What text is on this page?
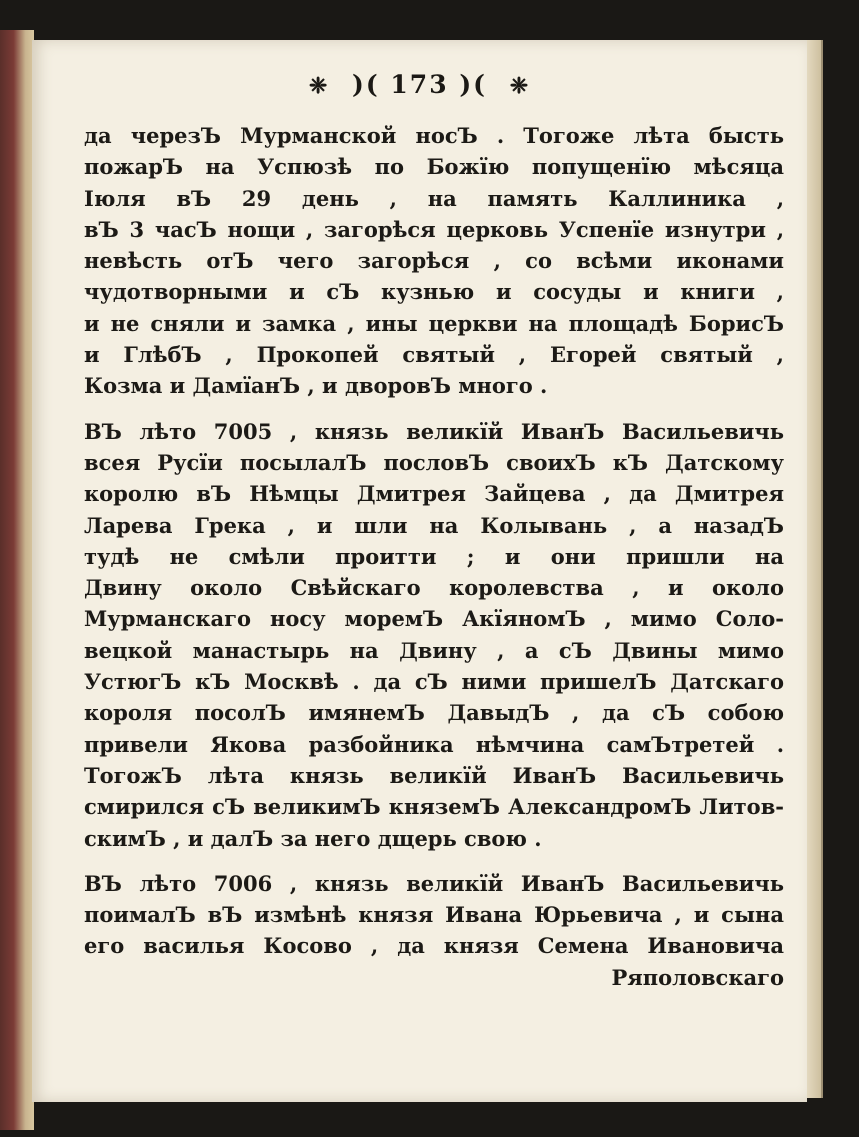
❈ )( 173 )( ❈
да черезЪ Мурманской носЪ . Тогоже лѣта бысть
пожарЪ на Успюзѣ по Божїю попущенїю мѣсяца
Iюля вЪ 29 день , на память Каллиника ,
вЪ 3 часЪ нощи , загорѣся церковь Успенїе изнутри ,
невѣсть отЪ чего загорѣся , со всѣми иконами
чудотворными и сЪ кузнью и сосуды и книги ,
и не сняли и замка , ины церкви на площадѣ БорисЪ
и ГлѣбЪ , Прокопей святый , Егорей святый ,
Козма и ДамїанЪ , и дворовЪ много .
ВЪ лѣто 7005 , князь великїй ИванЪ Васильевичь
всея Русїи посылалЪ пословЪ своихЪ кЪ Датскому
королю вЪ Нѣмцы Дмитрея Зайцева , да Дмитрея
Ларева Грека , и шли на Колывань , а назадЪ
тудѣ не смѣли проитти ; и они пришли на
Двину около Свѣйскаго королевства , и около
Мурманскаго носу моремЪ АкїяномЪ , мимо Соло-
вецкой манастырь на Двину , а сЪ Двины мимо
УстюгЪ кЪ Москвѣ . да сЪ ними пришелЪ Датскаго
короля посолЪ имянемЪ ДавыдЪ , да сЪ собою
привели Якова разбойника нѣмчина самЪтретей .
ТогожЪ лѣта князь великїй ИванЪ Васильевичь
смирился сЪ великимЪ княземЪ АлександромЪ Литов-
скимЪ , и далЪ за него дщерь свою .
ВЪ лѣто 7006 , князь великїй ИванЪ Васильевичь
поималЪ вЪ измѣнѣ князя Ивана Юрьевича , и сына
его василья Косово , да князя Семена Ивановича
Ряполовскаго
